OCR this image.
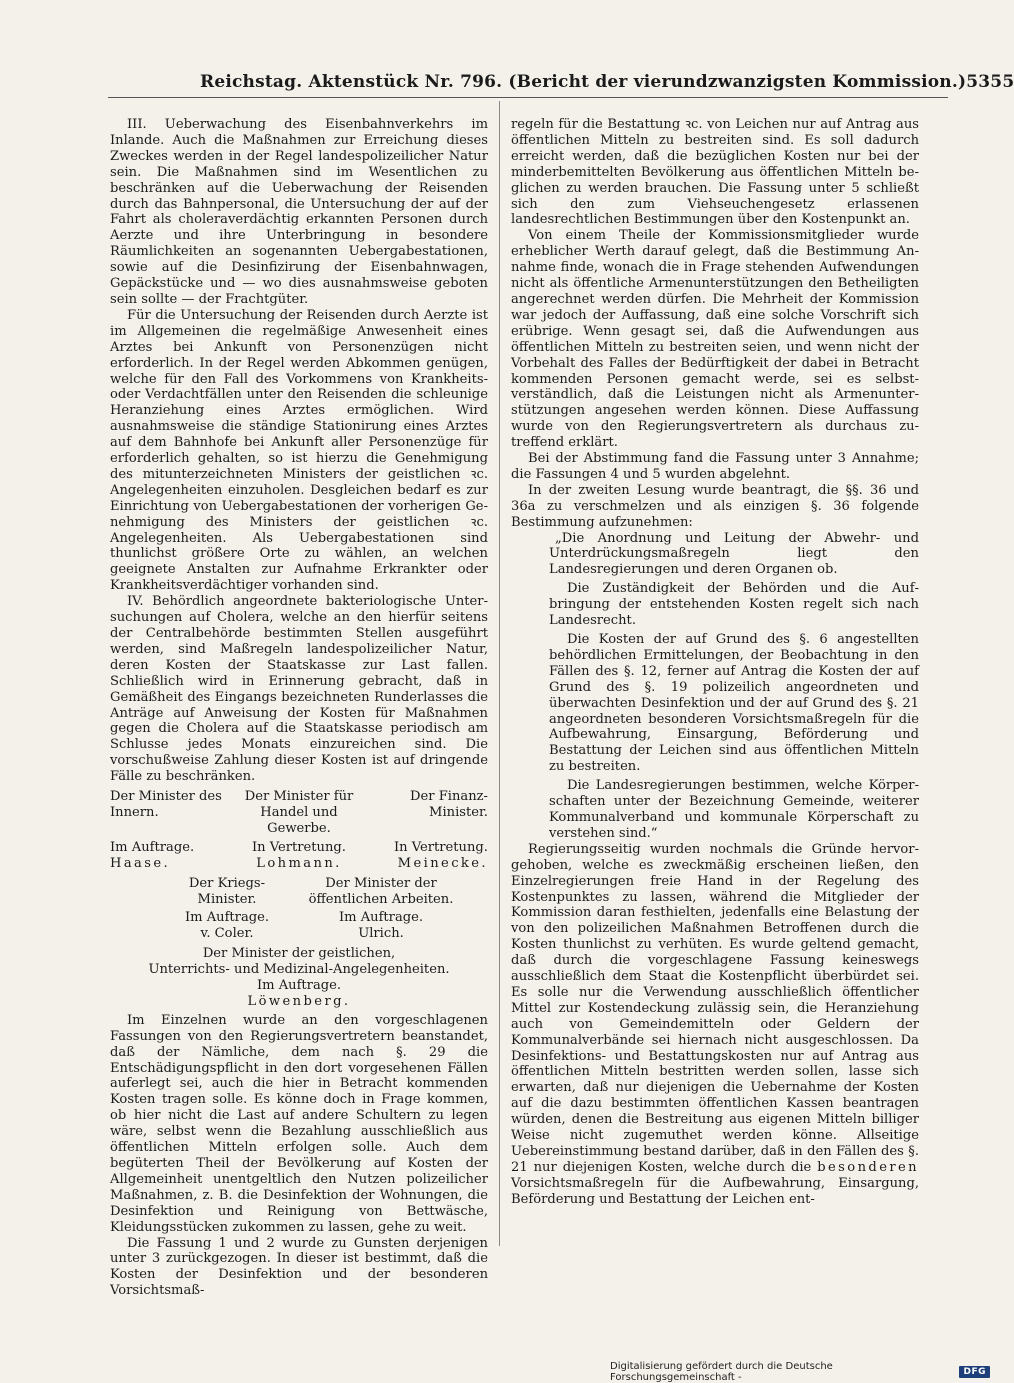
Reichstag. Aktenstück Nr. 796. (Bericht der vierundzwanzigsten Kommission.) 5355

III. Ueberwachung des Eisenbahnverkehrs im Inlande. Auch die Maßnahmen zur Erreichung dieses Zweckes werden in der Regel landespolizeilicher Natur sein. Die Maßnahmen sind im Wesentlichen zu beschränken auf die Ueberwachung der Reisenden durch das Bahnpersonal, die Untersuchung der auf der Fahrt als choleraverdächtig erkannten Personen durch Aerzte und ihre Unterbringung in besondere Räumlichkeiten an sogenannten Uebergabestationen, sowie auf die Desinfizirung der Eisenbahnwagen, Gepäckstücke und — wo dies ausnahmsweise geboten sein sollte — der Frachtgüter.

Für die Untersuchung der Reisenden durch Aerzte ist im Allgemeinen die regelmäßige Anwesenheit eines Arztes bei Ankunft von Personenzügen nicht erforderlich. In der Regel werden Abkommen genügen, welche für den Fall des Vorkommens von Krankheits- oder Verdachtfällen unter den Reisenden die schleunige Heranziehung eines Arztes ermöglichen. Wird ausnahmsweise die ständige Stationirung eines Arztes auf dem Bahnhofe bei Ankunft aller Personenzüge für erforderlich gehalten, so ist hierzu die Genehmigung des mitunterzeichneten Ministers der geistlichen ꝛc. Angelegenheiten einzuholen. Desgleichen bedarf es zur Einrichtung von Uebergabestationen der vorherigen Genehmigung des Ministers der geistlichen ꝛc. Angelegenheiten. Als Uebergabestationen sind thunlichst größere Orte zu wählen, an welchen geeignete Anstalten zur Aufnahme Erkrankter oder Krankheitsverdächtiger vorhanden sind.

IV. Behördlich angeordnete bakteriologische Untersuchungen auf Cholera, welche an den hierfür seitens der Centralbehörde bestimmten Stellen ausgeführt werden, sind Maßregeln landespolizeilicher Natur, deren Kosten der Staatskasse zur Last fallen. Schließlich wird in Erinnerung gebracht, daß in Gemäßheit des Eingangs bezeichneten Runderlasses die Anträge auf Anweisung der Kosten für Maßnahmen gegen die Cholera auf die Staatskasse periodisch am Schlusse jedes Monats einzureichen sind. Die vorschußweise Zahlung dieser Kosten ist auf dringende Fälle zu beschränken.

Der Minister des
Innern.
Der Minister für
Handel und Gewerbe.
Der Finanz-
Minister.
Im Auftrage.
Haase.
In Vertretung.
Lohmann.
In Vertretung.
Meinecke.
Der Kriegs-
Minister.
Im Auftrage.
v. Coler.
Der Minister der
öffentlichen Arbeiten.
Im Auftrage.
Ulrich.
Der Minister der geistlichen,
Unterrichts- und Medizinal-Angelegenheiten.
Im Auftrage.
Löwenberg.

Im Einzelnen wurde an den vorgeschlagenen Fassungen von den Regierungsvertretern beanstandet, daß der Nämliche, dem nach §. 29 die Entschädigungspflicht in den dort vorgesehenen Fällen auferlegt sei, auch die hier in Betracht kommenden Kosten tragen solle. Es könne doch in Frage kommen, ob hier nicht die Last auf andere Schultern zu legen wäre, selbst wenn die Bezahlung ausschließlich aus öffentlichen Mitteln erfolgen solle. Auch dem begüterten Theil der Bevölkerung auf Kosten der Allgemeinheit unentgeltlich den Nutzen polizeilicher Maßnahmen, z. B. die Desinfektion der Wohnungen, die Desinfektion und Reinigung von Bettwäsche, Kleidungsstücken zukommen zu lassen, gehe zu weit.

Die Fassung 1 und 2 wurde zu Gunsten derjenigen unter 3 zurückgezogen. In dieser ist bestimmt, daß die Kosten der Desinfektion und der besonderen Vorsichtsmaß-

regeln für die Bestattung ꝛc. von Leichen nur auf Antrag aus öffentlichen Mitteln zu bestreiten sind. Es soll dadurch erreicht werden, daß die bezüglichen Kosten nur bei der minderbemittelten Bevölkerung aus öffentlichen Mitteln beglichen zu werden brauchen. Die Fassung unter 5 schließt sich den zum Viehseuchengesetz erlassenen landesrechtlichen Bestimmungen über den Kostenpunkt an.

Von einem Theile der Kommissionsmitglieder wurde erheblicher Werth darauf gelegt, daß die Bestimmung Annahme finde, wonach die in Frage stehenden Aufwendungen nicht als öffentliche Armenunterstützungen den Betheiligten angerechnet werden dürfen. Die Mehrheit der Kommission war jedoch der Auffassung, daß eine solche Vorschrift sich erübrige. Wenn gesagt sei, daß die Aufwendungen aus öffentlichen Mitteln zu bestreiten seien, und wenn nicht der Vorbehalt des Falles der Bedürftigkeit der dabei in Betracht kommenden Personen gemacht werde, sei es selbstverständlich, daß die Leistungen nicht als Armenunterstützungen angesehen werden können. Diese Auffassung wurde von den Regierungsvertretern als durchaus zutreffend erklärt.

Bei der Abstimmung fand die Fassung unter 3 Annahme; die Fassungen 4 und 5 wurden abgelehnt.

In der zweiten Lesung wurde beantragt, die §§. 36 und 36a zu verschmelzen und als einzigen §. 36 folgende Bestimmung aufzunehmen:

„Die Anordnung und Leitung der Abwehr- und Unterdrückungsmaßregeln liegt den Landesregierungen und deren Organen ob.

Die Zuständigkeit der Behörden und die Aufbringung der entstehenden Kosten regelt sich nach Landesrecht.

Die Kosten der auf Grund des §. 6 angestellten behördlichen Ermittelungen, der Beobachtung in den Fällen des §. 12, ferner auf Antrag die Kosten der auf Grund des §. 19 polizeilich angeordneten und überwachten Desinfektion und der auf Grund des §. 21 angeordneten besonderen Vorsichtsmaßregeln für die Aufbewahrung, Einsargung, Beförderung und Bestattung der Leichen sind aus öffentlichen Mitteln zu bestreiten.

Die Landesregierungen bestimmen, welche Körperschaften unter der Bezeichnung Gemeinde, weiterer Kommunalverband und kommunale Körperschaft zu verstehen sind.“

Regierungsseitig wurden nochmals die Gründe hervorgehoben, welche es zweckmäßig erscheinen ließen, den Einzelregierungen freie Hand in der Regelung des Kostenpunktes zu lassen, während die Mitglieder der Kommission daran festhielten, jedenfalls eine Belastung der von den polizeilichen Maßnahmen Betroffenen durch die Kosten thunlichst zu verhüten. Es wurde geltend gemacht, daß durch die vorgeschlagene Fassung keineswegs ausschließlich dem Staat die Kostenpflicht überbürdet sei. Es solle nur die Verwendung ausschließlich öffentlicher Mittel zur Kostendeckung zulässig sein, die Heranziehung auch von Gemeindemitteln oder Geldern der Kommunalverbände sei hiernach nicht ausgeschlossen. Da Desinfektions- und Bestattungskosten nur auf Antrag aus öffentlichen Mitteln bestritten werden sollen, lasse sich erwarten, daß nur diejenigen die Uebernahme der Kosten auf die dazu bestimmten öffentlichen Kassen beantragen würden, denen die Bestreitung aus eigenen Mitteln billiger Weise nicht zugemuthet werden könne. Allseitige Uebereinstimmung bestand darüber, daß in den Fällen des §. 21 nur diejenigen Kosten, welche durch die besonderen Vorsichtsmaßregeln für die Aufbewahrung, Einsargung, Beförderung und Bestattung der Leichen ent-

Digitalisierung gefördert durch die Deutsche Forschungsgemeinschaft -	DFG
